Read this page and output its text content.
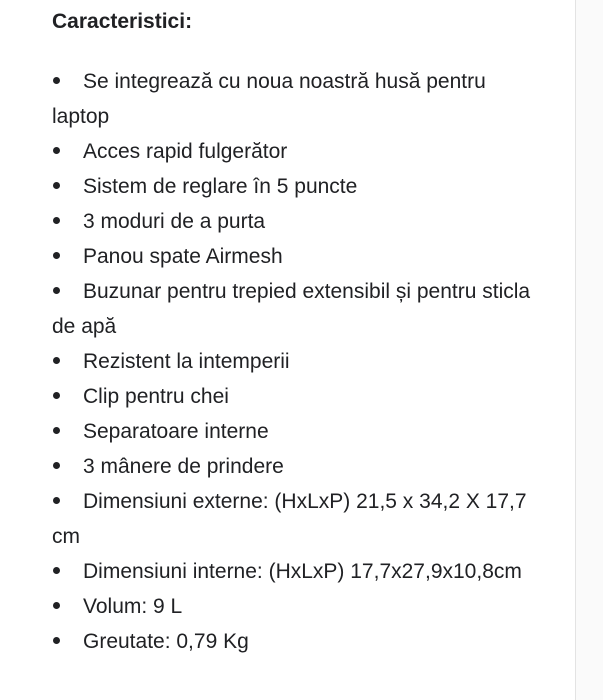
Caracteristici:
Se integrează cu noua noastră husă pentru laptop
Acces rapid fulgerător
Sistem de reglare în 5 puncte
3 moduri de a purta
Panou spate Airmesh
Buzunar pentru trepied extensibil și pentru sticla de apă
Rezistent la intemperii
Clip pentru chei
Separatoare interne
3 mânere de prindere
Dimensiuni externe: (HxLxP) 21,5 x 34,2 X 17,7 cm
Dimensiuni interne: (HxLxP) 17,7x27,9x10,8cm
Volum: 9 L
Greutate: 0,79 Kg
